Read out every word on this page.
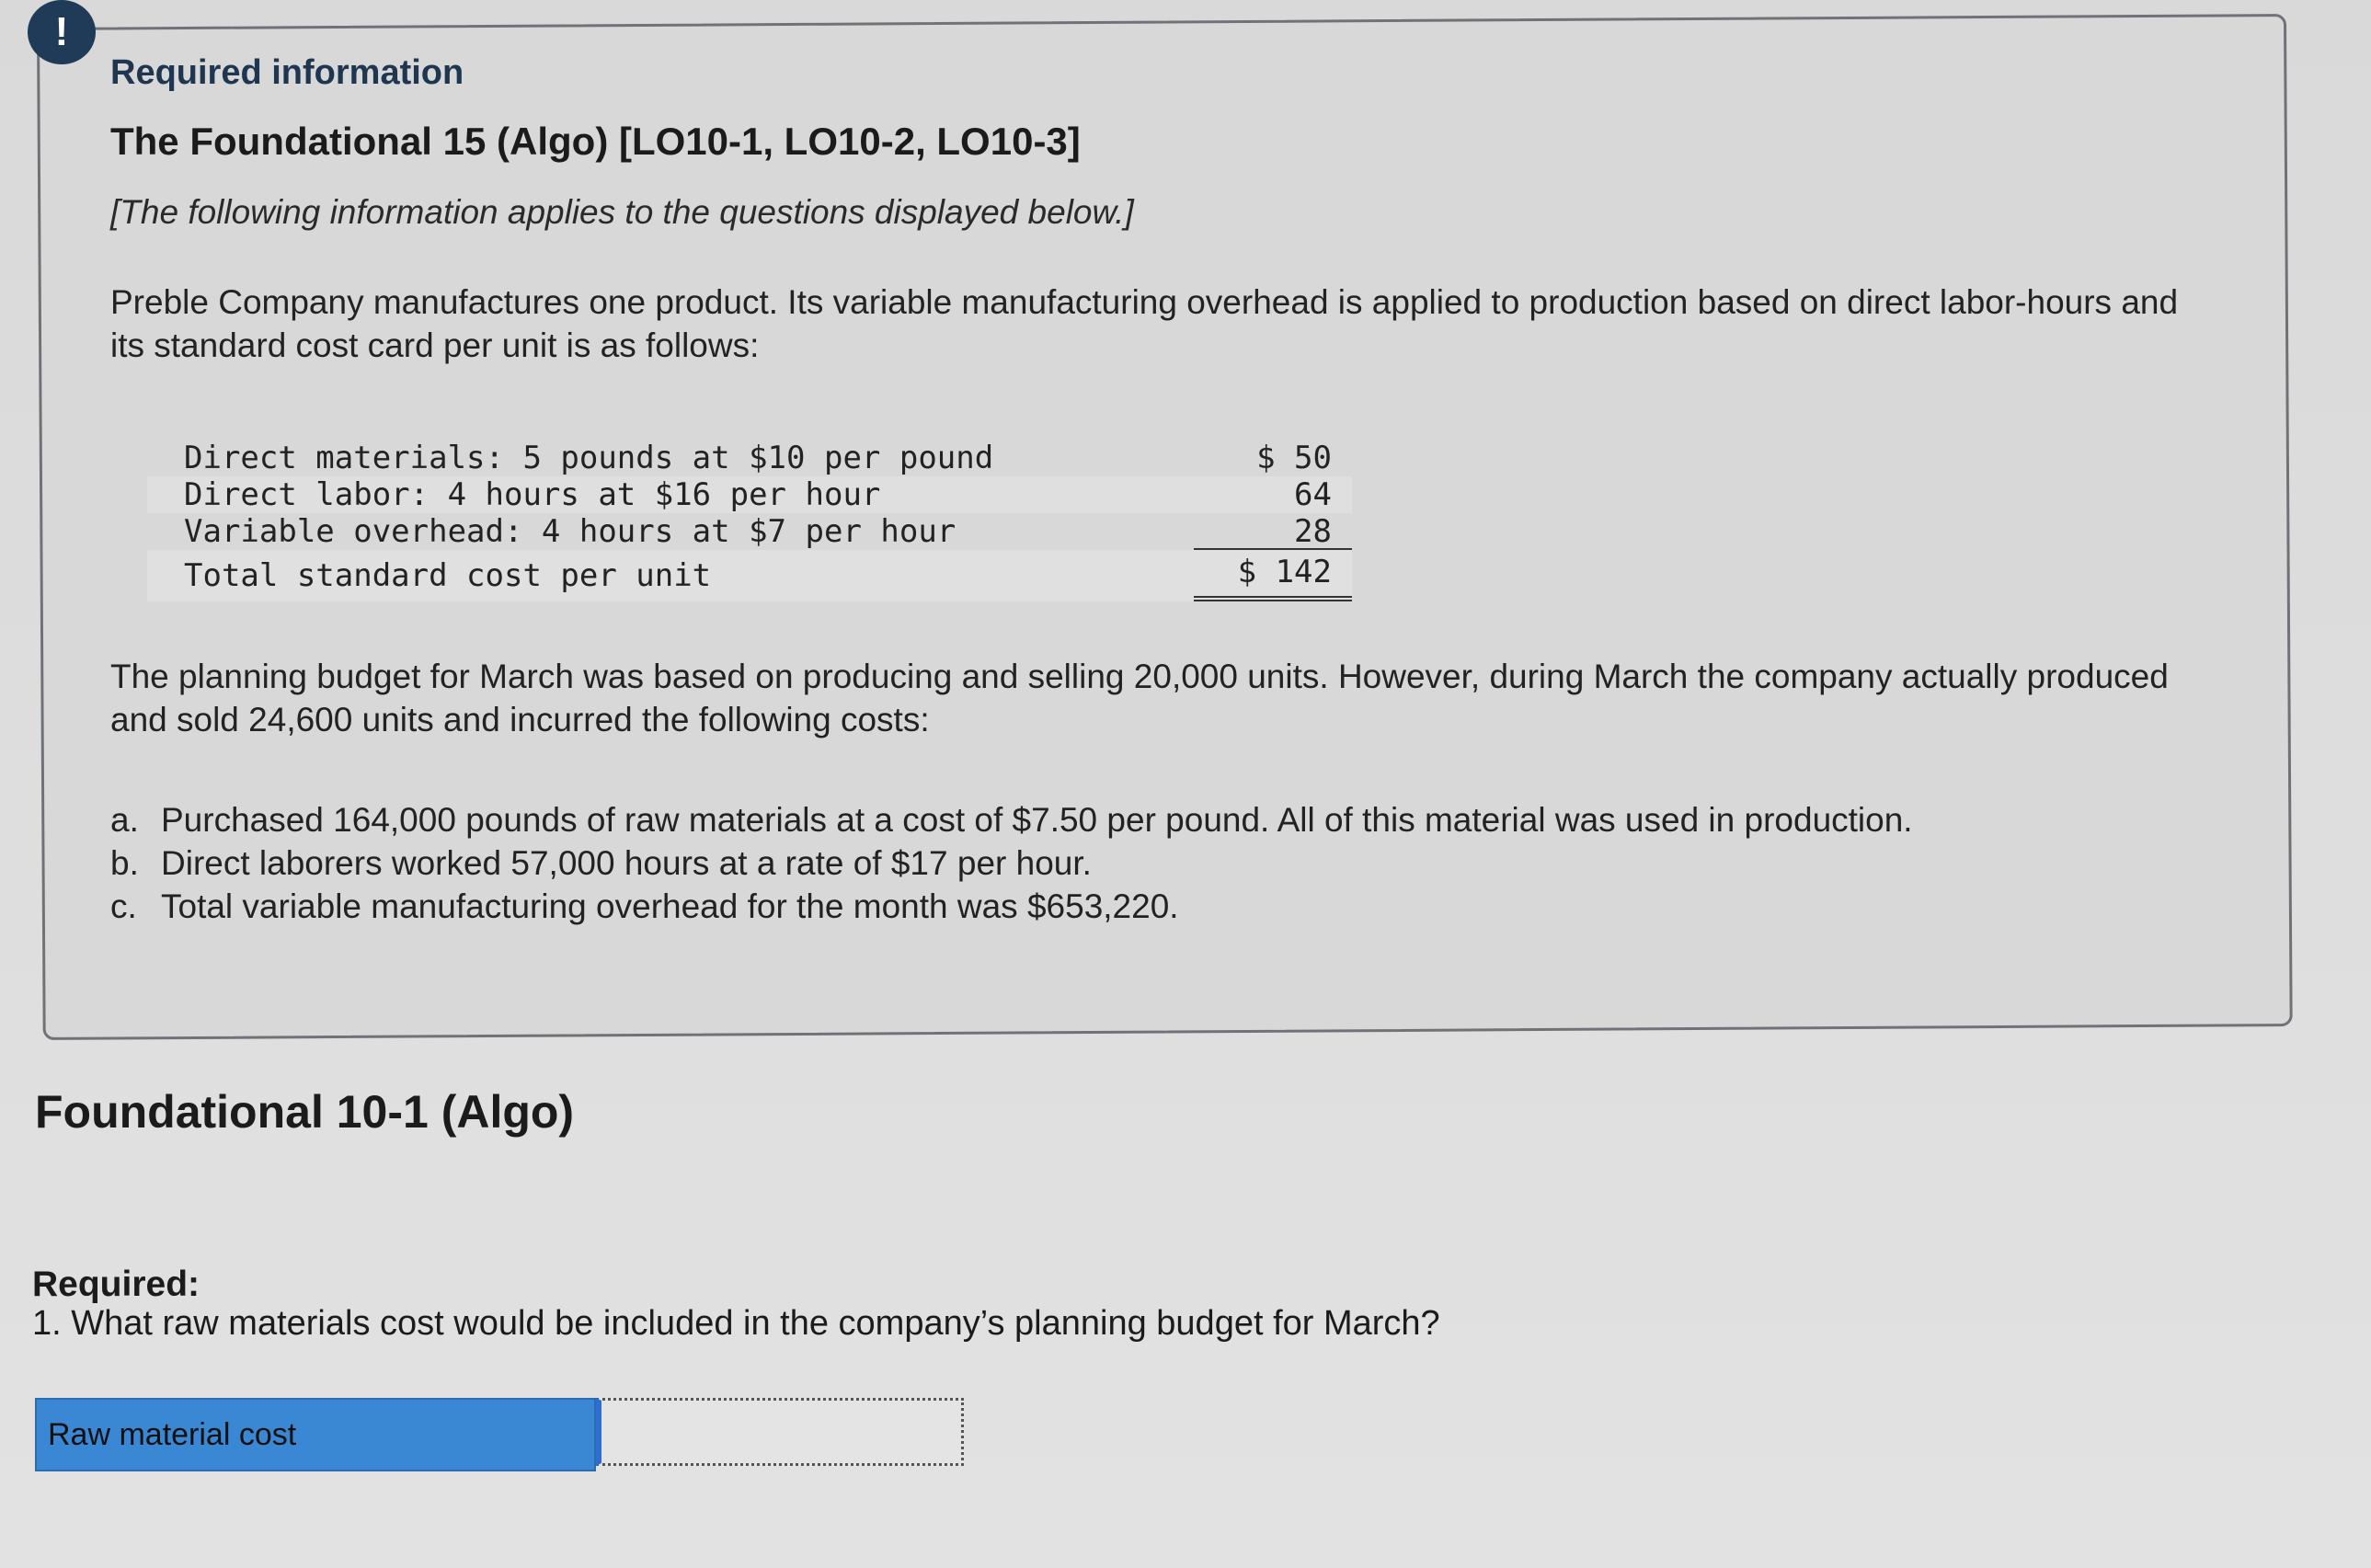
!
Required information
The Foundational 15 (Algo) [LO10-1, LO10-2, LO10-3]
[The following information applies to the questions displayed below.]
Preble Company manufactures one product. Its variable manufacturing overhead is applied to production based on direct labor-hours and its standard cost card per unit is as follows:
Direct materials: 5 pounds at $10 per pound	$ 50
Direct labor: 4 hours at $16 per hour	64
Variable overhead: 4 hours at $7 per hour	28
Total standard cost per unit	$ 142
The planning budget for March was based on producing and selling 20,000 units. However, during March the company actually produced and sold 24,600 units and incurred the following costs:
a. Purchased 164,000 pounds of raw materials at a cost of $7.50 per pound. All of this material was used in production.
b. Direct laborers worked 57,000 hours at a rate of $17 per hour.
c. Total variable manufacturing overhead for the month was $653,220.
Foundational 10-1 (Algo)
Required:
1. What raw materials cost would be included in the company’s planning budget for March?
Raw material cost
